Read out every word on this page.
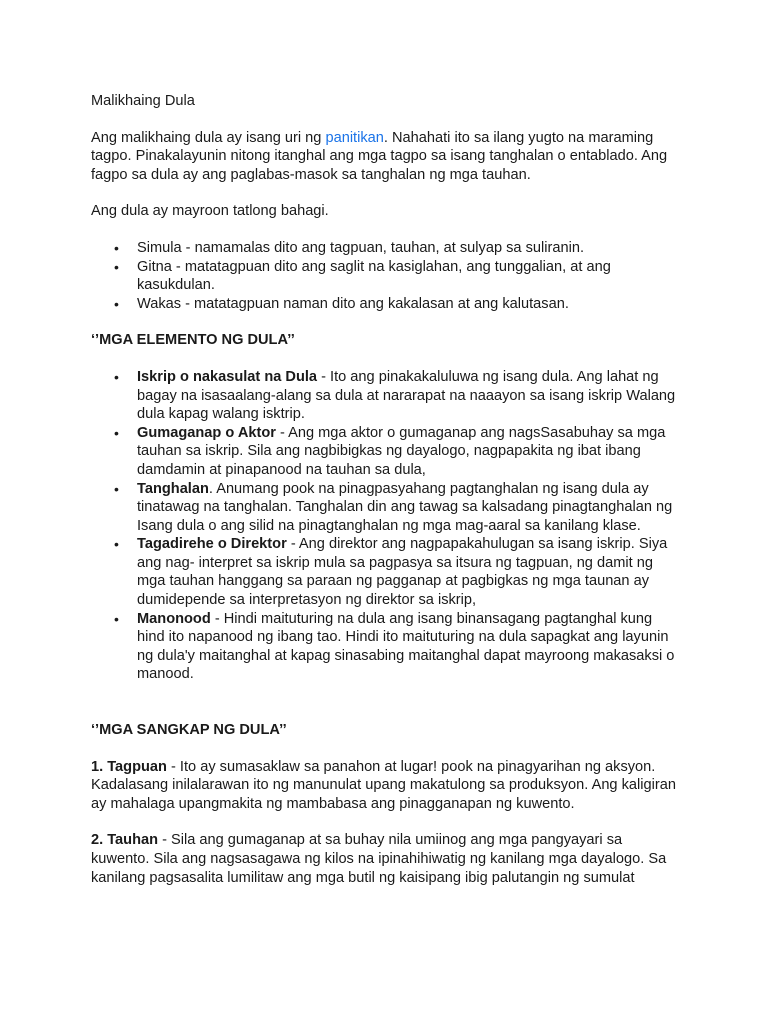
Malikhaing Dula

Ang malikhaing dula ay isang uri ng panitikan. Nahahati ito sa ilang yugto na maraming tagpo. Pinakalayunin nitong itanghal ang mga tagpo sa isang tanghalan o entablado. Ang fagpo sa dula ay ang paglabas-masok sa tanghalan ng mga tauhan.

Ang dula ay mayroon tatlong bahagi.

• Simula - namamalas dito ang tagpuan, tauhan, at sulyap sa suliranin.
• Gitna - matatagpuan dito ang saglit na kasiglahan, ang tunggalian, at ang kasukdulan.
• Wakas - matatagpuan naman dito ang kakalasan at ang kalutasan.

‘’MGA ELEMENTO NG DULA’’

• Iskrip o nakasulat na Dula - Ito ang pinakakaluluwa ng isang dula. Ang lahat ng bagay na isasaalang-alang sa dula at nararapat na naaayon sa isang iskrip Walang dula kapag walang isktrip.
• Gumaganap o Aktor - Ang mga aktor o gumaganap ang nagsSasabuhay sa mga tauhan sa iskrip. Sila ang nagbibigkas ng dayalogo, nagpapakita ng ibat ibang damdamin at pinapanood na tauhan sa dula,
• Tanghalan. Anumang pook na pinagpasyahang pagtanghalan ng isang dula ay tinatawag na tanghalan. Tanghalan din ang tawag sa kalsadang pinagtanghalan ng Isang dula o ang silid na pinagtanghalan ng mga mag-aaral sa kanilang klase.
• Tagadirehe o Direktor - Ang direktor ang nagpapakahulugan sa isang iskrip. Siya ang nag- interpret sa iskrip mula sa pagpasya sa itsura ng tagpuan, ng damit ng mga tauhan hanggang sa paraan ng pagganap at pagbigkas ng mga taunan ay dumidepende sa interpretasyon ng direktor sa iskrip,
• Manonood - Hindi maituturing na dula ang isang binansagang pagtanghal kung hind ito napanood ng ibang tao. Hindi ito maituturing na dula sapagkat ang layunin ng dula'y maitanghal at kapag sinasabing maitanghal dapat mayroong makasaksi o manood.

‘’MGA SANGKAP NG DULA’’

1. Tagpuan - Ito ay sumasaklaw sa panahon at lugar! pook na pinagyarihan ng aksyon. Kadalasang inilalarawan ito ng manunulat upang makatulong sa produksyon. Ang kaligiran ay mahalaga upangmakita ng mambabasa ang pinagganapan ng kuwento.

2. Tauhan - Sila ang gumaganap at sa buhay nila umiinog ang mga pangyayari sa kuwento. Sila ang nagsasagawa ng kilos na ipinahihiwatig ng kanilang mga dayalogo. Sa kanilang pagsasalita lumilitaw ang mga butil ng kaisipang ibig palutangin ng sumulat
